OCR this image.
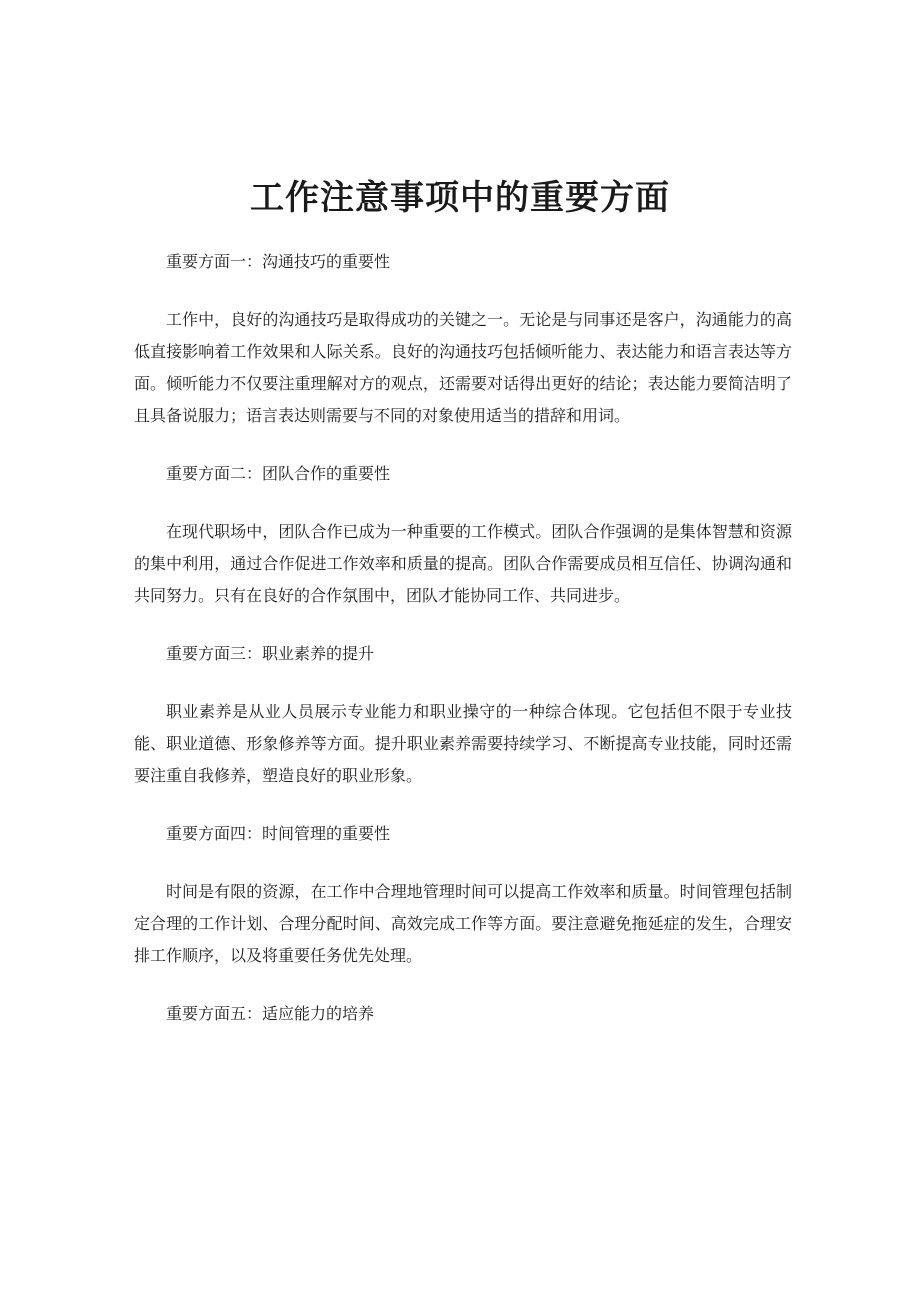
工作注意事项中的重要方面

重要方面一：沟通技巧的重要性

工作中，良好的沟通技巧是取得成功的关键之一。无论是与同事还是客户，沟通能力的高低直接影响着工作效果和人际关系。良好的沟通技巧包括倾听能力、表达能力和语言表达等方面。倾听能力不仅要注重理解对方的观点，还需要对话得出更好的结论；表达能力要简洁明了且具备说服力；语言表达则需要与不同的对象使用适当的措辞和用词。

重要方面二：团队合作的重要性

在现代职场中，团队合作已成为一种重要的工作模式。团队合作强调的是集体智慧和资源的集中利用，通过合作促进工作效率和质量的提高。团队合作需要成员相互信任、协调沟通和共同努力。只有在良好的合作氛围中，团队才能协同工作、共同进步。

重要方面三：职业素养的提升

职业素养是从业人员展示专业能力和职业操守的一种综合体现。它包括但不限于专业技能、职业道德、形象修养等方面。提升职业素养需要持续学习、不断提高专业技能，同时还需要注重自我修养，塑造良好的职业形象。

重要方面四：时间管理的重要性

时间是有限的资源，在工作中合理地管理时间可以提高工作效率和质量。时间管理包括制定合理的工作计划、合理分配时间、高效完成工作等方面。要注意避免拖延症的发生，合理安排工作顺序，以及将重要任务优先处理。

重要方面五：适应能力的培养
